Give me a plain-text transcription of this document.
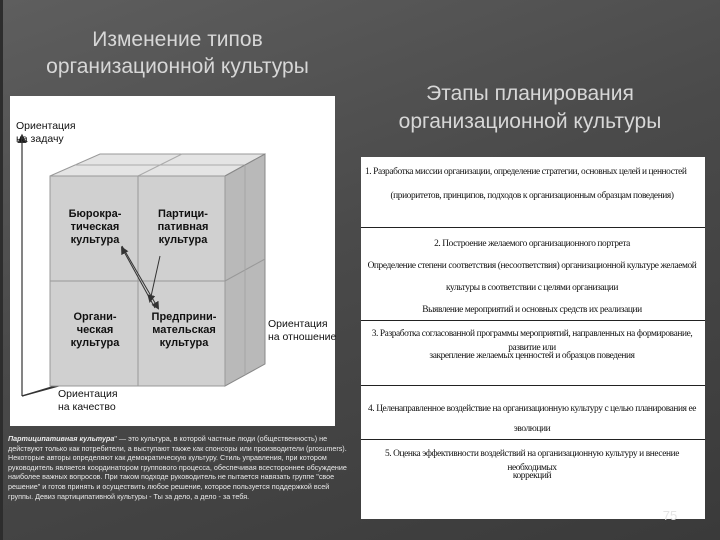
Изменение типов организационной культуры
Этапы планирования организационной культуры
Ориентация
на задачу
Ориентация
на отношение
Ориентация
на качество
Бюрокра-
тическая
культура
Партици-
пативная
культура
Органи-
ческая
культура
Предприни-
мательская
культура
Партиципативная культура" — это культура, в которой частные люди (общественность) не действуют только как потребители, а выступают также как спонсоры или производители (prosumers). Некоторые авторы определяют как демократическую культуру. Стиль управления, при котором руководитель является координатором группового процесса, обеспечивая всестороннее обсуждение наиболее важных вопросов. При таком подходе руководитель не пытается навязать группе "свое решение" и готов принять и осуществить любое решение, которое пользуется поддержкой всей группы. Девиз партиципативной культуры - Ты за дело, а дело - за тебя.
1. Разработка миссии организации, определение стратегии, основных целей и ценностей
(приоритетов, принципов, подходов к организационным образцам поведения)
2. Построение желаемого организационного портрета
Определение степени соответствия (несоответствия) организационной культуре желаемой
культуры в соответствии с целями организации
Выявление мероприятий и основных средств их реализации
3. Разработка согласованной программы мероприятий, направленных на формирование, развитие или
закрепление желаемых ценностей и образцов поведения
4. Целенаправленное воздействие на организационную культуру с целью планирования ее
эволюции
5. Оценка эффективности воздействий на организационную культуру и внесение необходимых
коррекций
75
